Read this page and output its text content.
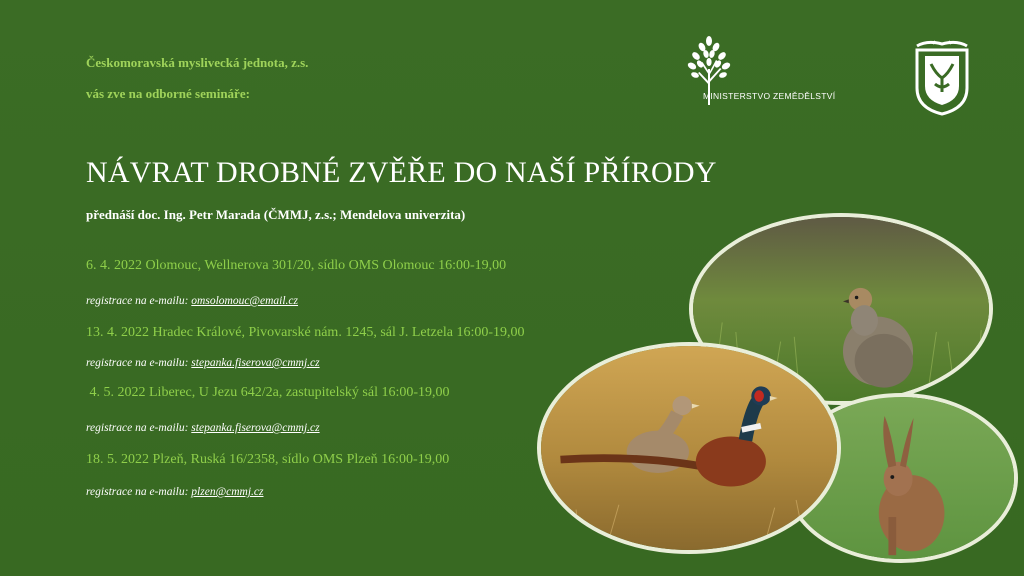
Českomoravská myslivecká jednota, z.s.
vás zve na odborné semináře:	MINISTERSTVO ZEMĚDĚLSTVÍ
NÁVRAT DROBNÉ ZVĚŘE DO NAŠÍ PŘÍRODY
přednáší doc. Ing. Petr Marada (ČMMJ, z.s.; Mendelova univerzita)
6. 4. 2022 Olomouc, Wellnerova 301/20, sídlo OMS Olomouc 16:00-19,00
registrace na e-mailu: omsolomouc@email.cz
13. 4. 2022 Hradec Králové, Pivovarské nám. 1245, sál J. Letzela 16:00-19,00
registrace na e-mailu: stepanka.fiserova@cmmj.cz
4. 5. 2022 Liberec, U Jezu 642/2a, zastupitelský sál 16:00-19,00
registrace na e-mailu: stepanka.fiserova@cmmj.cz
18. 5. 2022 Plzeň, Ruská 16/2358, sídlo OMS Plzeň 16:00-19,00
registrace na e-mailu: plzen@cmmj.cz
